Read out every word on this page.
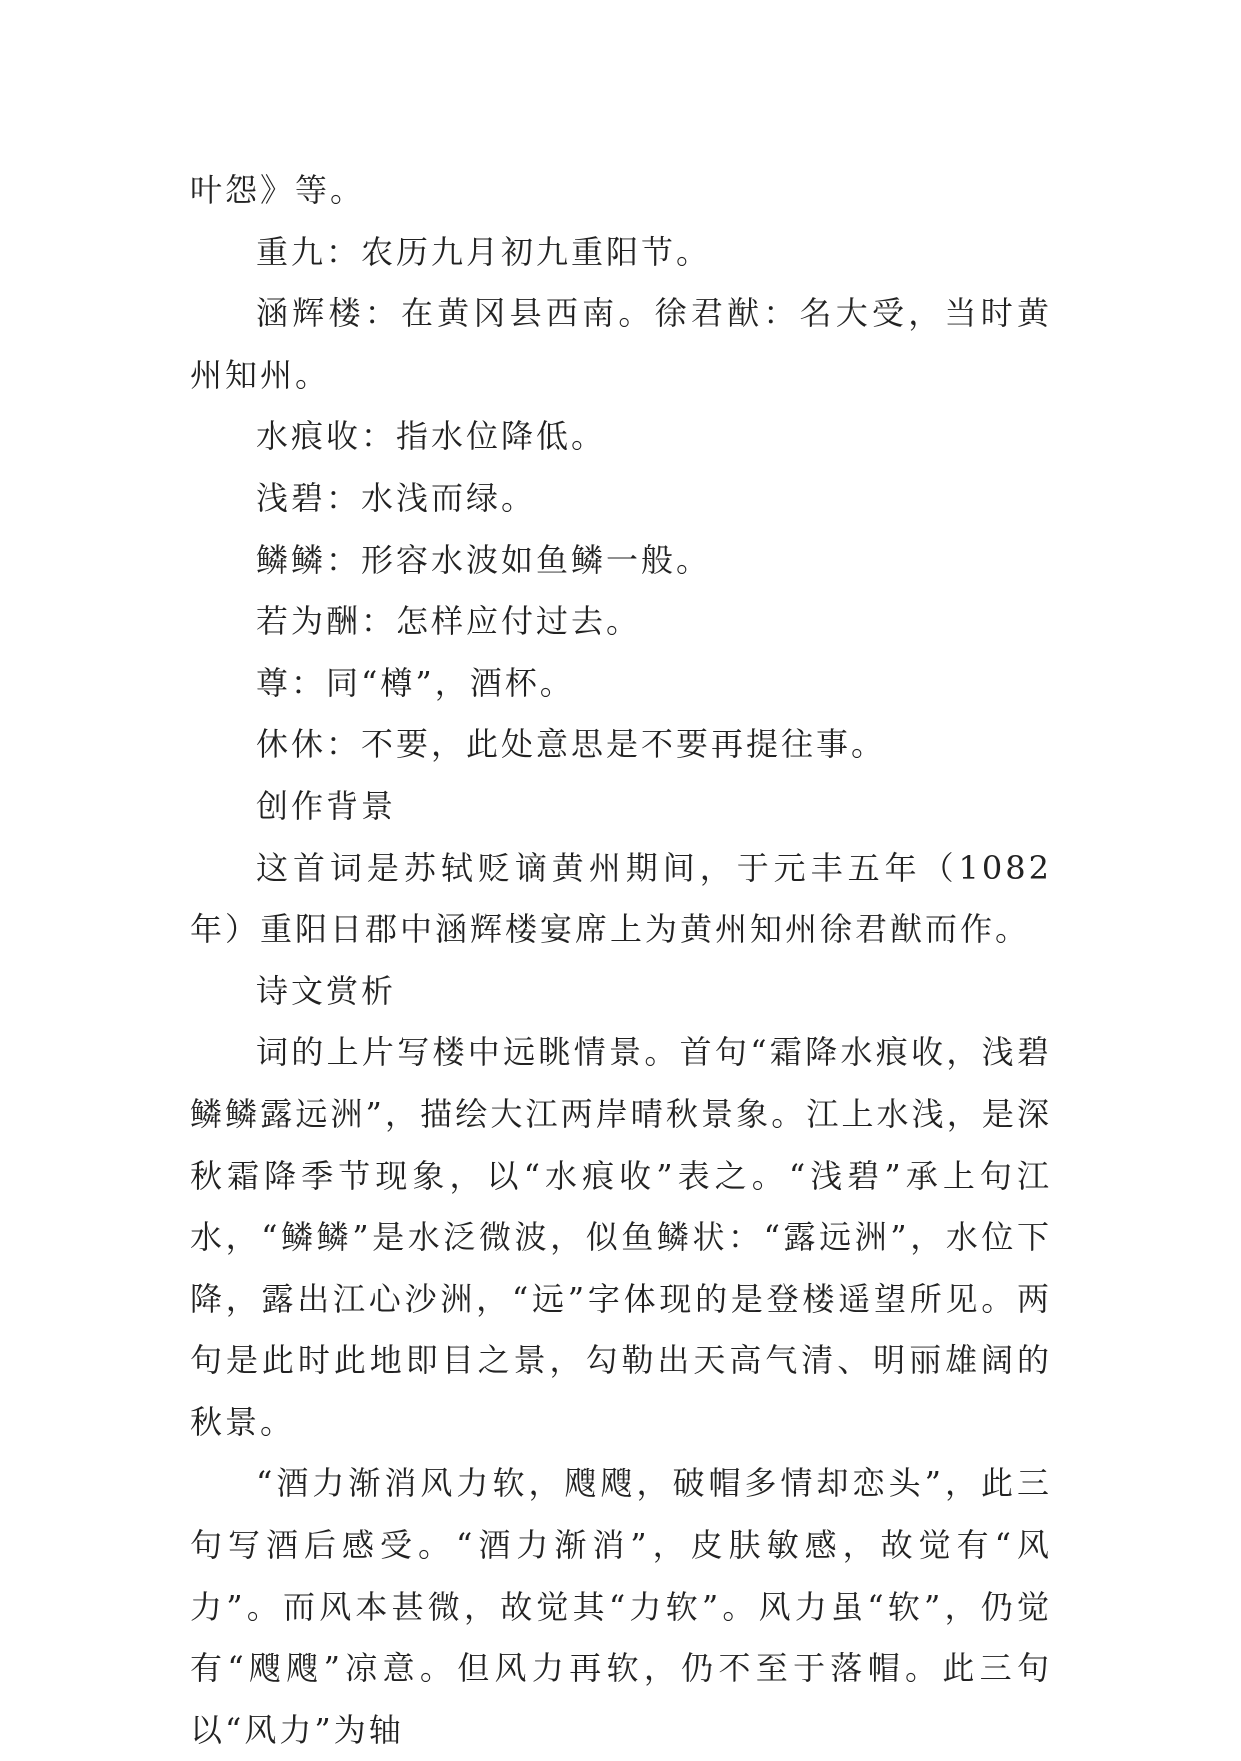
叶怨》等。

重九：农历九月初九重阳节。

涵辉楼：在黄冈县西南。徐君猷：名大受，当时黄州知州。

水痕收：指水位降低。

浅碧：水浅而绿。

鳞鳞：形容水波如鱼鳞一般。

若为酬：怎样应付过去。

尊：同“樽”，酒杯。

休休：不要，此处意思是不要再提往事。

创作背景

这首词是苏轼贬谪黄州期间，于元丰五年（1082 年）重阳日郡中涵辉楼宴席上为黄州知州徐君猷而作。

诗文赏析

词的上片写楼中远眺情景。首句“霜降水痕收，浅碧鳞鳞露远洲”，描绘大江两岸晴秋景象。江上水浅，是深秋霜降季节现象，以“水痕收”表之。“浅碧”承上句江水，“鳞鳞”是水泛微波，似鱼鳞状：“露远洲”，水位下降，露出江心沙洲，“远”字体现的是登楼遥望所见。两句是此时此地即目之景，勾勒出天高气清、明丽雄阔的秋景。

“酒力渐消风力软，飕飕，破帽多情却恋头”，此三句写酒后感受。“酒力渐消”，皮肤敏感，故觉有“风力”。而风本甚微，故觉其“力软”。风力虽“软”，仍觉有“飕飕”凉意。但风力再软，仍不至于落帽。此三句以“风力”为轴
